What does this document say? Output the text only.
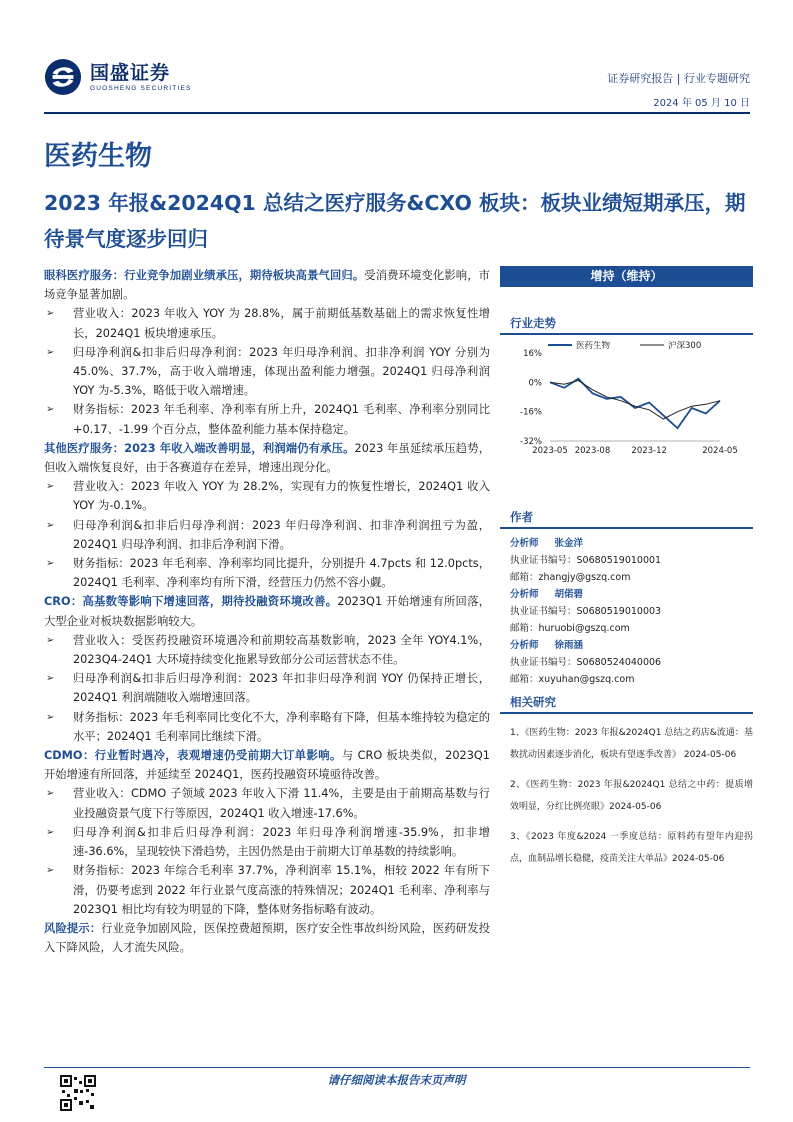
国盛证券
GUOSHENG SECURITIES
证券研究报告 | 行业专题研究
2024 年 05 月 10 日
医药生物
2023 年报&2024Q1 总结之医疗服务&CXO 板块：板块业绩短期承压，期待景气度逐步回归
眼科医疗服务：行业竞争加剧业绩承压，期待板块高景气回归。受消费环境变化影响，市场竞争显著加剧。
➢ 营业收入：2023 年收入 YOY 为 28.8%，属于前期低基数基础上的需求恢复性增长，2024Q1 板块增速承压。
➢ 归母净利润&扣非后归母净利润：2023 年归母净利润、扣非净利润 YOY 分别为 45.0%、37.7%，高于收入端增速，体现出盈利能力增强。2024Q1 归母净利润 YOY 为-5.3%，略低于收入端增速。
➢ 财务指标：2023 年毛利率、净利率有所上升，2024Q1 毛利率、净利率分别同比+0.17、-1.99 个百分点，整体盈利能力基本保持稳定。
其他医疗服务：2023 年收入端改善明显，利润端仍有承压。2023 年虽延续承压趋势，但收入端恢复良好，由于各赛道存在差异，增速出现分化。
➢ 营业收入：2023 年收入 YOY 为 28.2%，实现有力的恢复性增长，2024Q1 收入 YOY 为-0.1%。
➢ 归母净利润&扣非后归母净利润：2023 年归母净利润、扣非净利润扭亏为盈，2024Q1 归母净利润、扣非后净利润下滑。
➢ 财务指标：2023 年毛利率、净利率均同比提升，分别提升 4.7pcts 和 12.0pcts，2024Q1 毛利率、净利率均有所下滑，经营压力仍然不容小觑。
CRO：高基数等影响下增速回落，期待投融资环境改善。2023Q1 开始增速有所回落，大型企业对板块数据影响较大。
➢ 营业收入：受医药投融资环境遇冷和前期较高基数影响，2023 全年 YOY4.1%，2023Q4-24Q1 大环境持续变化拖累导致部分公司运营状态不佳。
➢ 归母净利润&扣非后归母净利润：2023 年扣非归母净利润 YOY 仍保持正增长，2024Q1 利润端随收入端增速回落。
➢ 财务指标：2023 年毛利率同比变化不大，净利率略有下降，但基本维持较为稳定的水平；2024Q1 毛利率同比继续下滑。
CDMO：行业暂时遇冷，表观增速仍受前期大订单影响。与 CRO 板块类似，2023Q1 开始增速有所回落，并延续至 2024Q1，医药投融资环境亟待改善。
➢ 营业收入：CDMO 子领域 2023 年收入下滑 11.4%，主要是由于前期高基数与行业投融资景气度下行等原因，2024Q1 收入增速-17.6%。
➢ 归母净利润&扣非后归母净利润：2023 年归母净利润增速-35.9%，扣非增速-36.6%，呈现较快下滑趋势，主因仍然是由于前期大订单基数的持续影响。
➢ 财务指标：2023 年综合毛利率 37.7%，净利润率 15.1%，相较 2022 年有所下滑，仍要考虑到 2022 年行业景气度高涨的特殊情况；2024Q1 毛利率、净利率与 2023Q1 相比均有较为明显的下降，整体财务指标略有波动。
风险提示：行业竞争加剧风险，医保控费超预期，医疗安全性事故纠纷风险，医药研发投入下降风险，人才流失风险。
增持（维持）
行业走势
医药生物	沪深300
16%
0%
-16%
-32%
2023-05 2023-08 2023-12	2024-05
作者
分析师 张金洋
执业证书编号：S0680519010001
邮箱：zhangjy@gszq.com
分析师 胡偌碧
执业证书编号：S0680519010003
邮箱：huruobi@gszq.com
分析师 徐雨涵
执业证书编号：S0680524040006
邮箱：xuyuhan@gszq.com
相关研究
1、《医药生物：2023 年报&2024Q1 总结之药店&流通：基数扰动因素逐步消化，板块有望逐季改善》 2024-05-06
2、《医药生物：2023 年报&2024Q1 总结之中药：提质增效明显，分红比例亮眼》2024-05-06
3、《2023 年度&2024 一季度总结：原料药有望年内迎拐点，血制品增长稳健，疫苗关注大单品》2024-05-06
请仔细阅读本报告末页声明
